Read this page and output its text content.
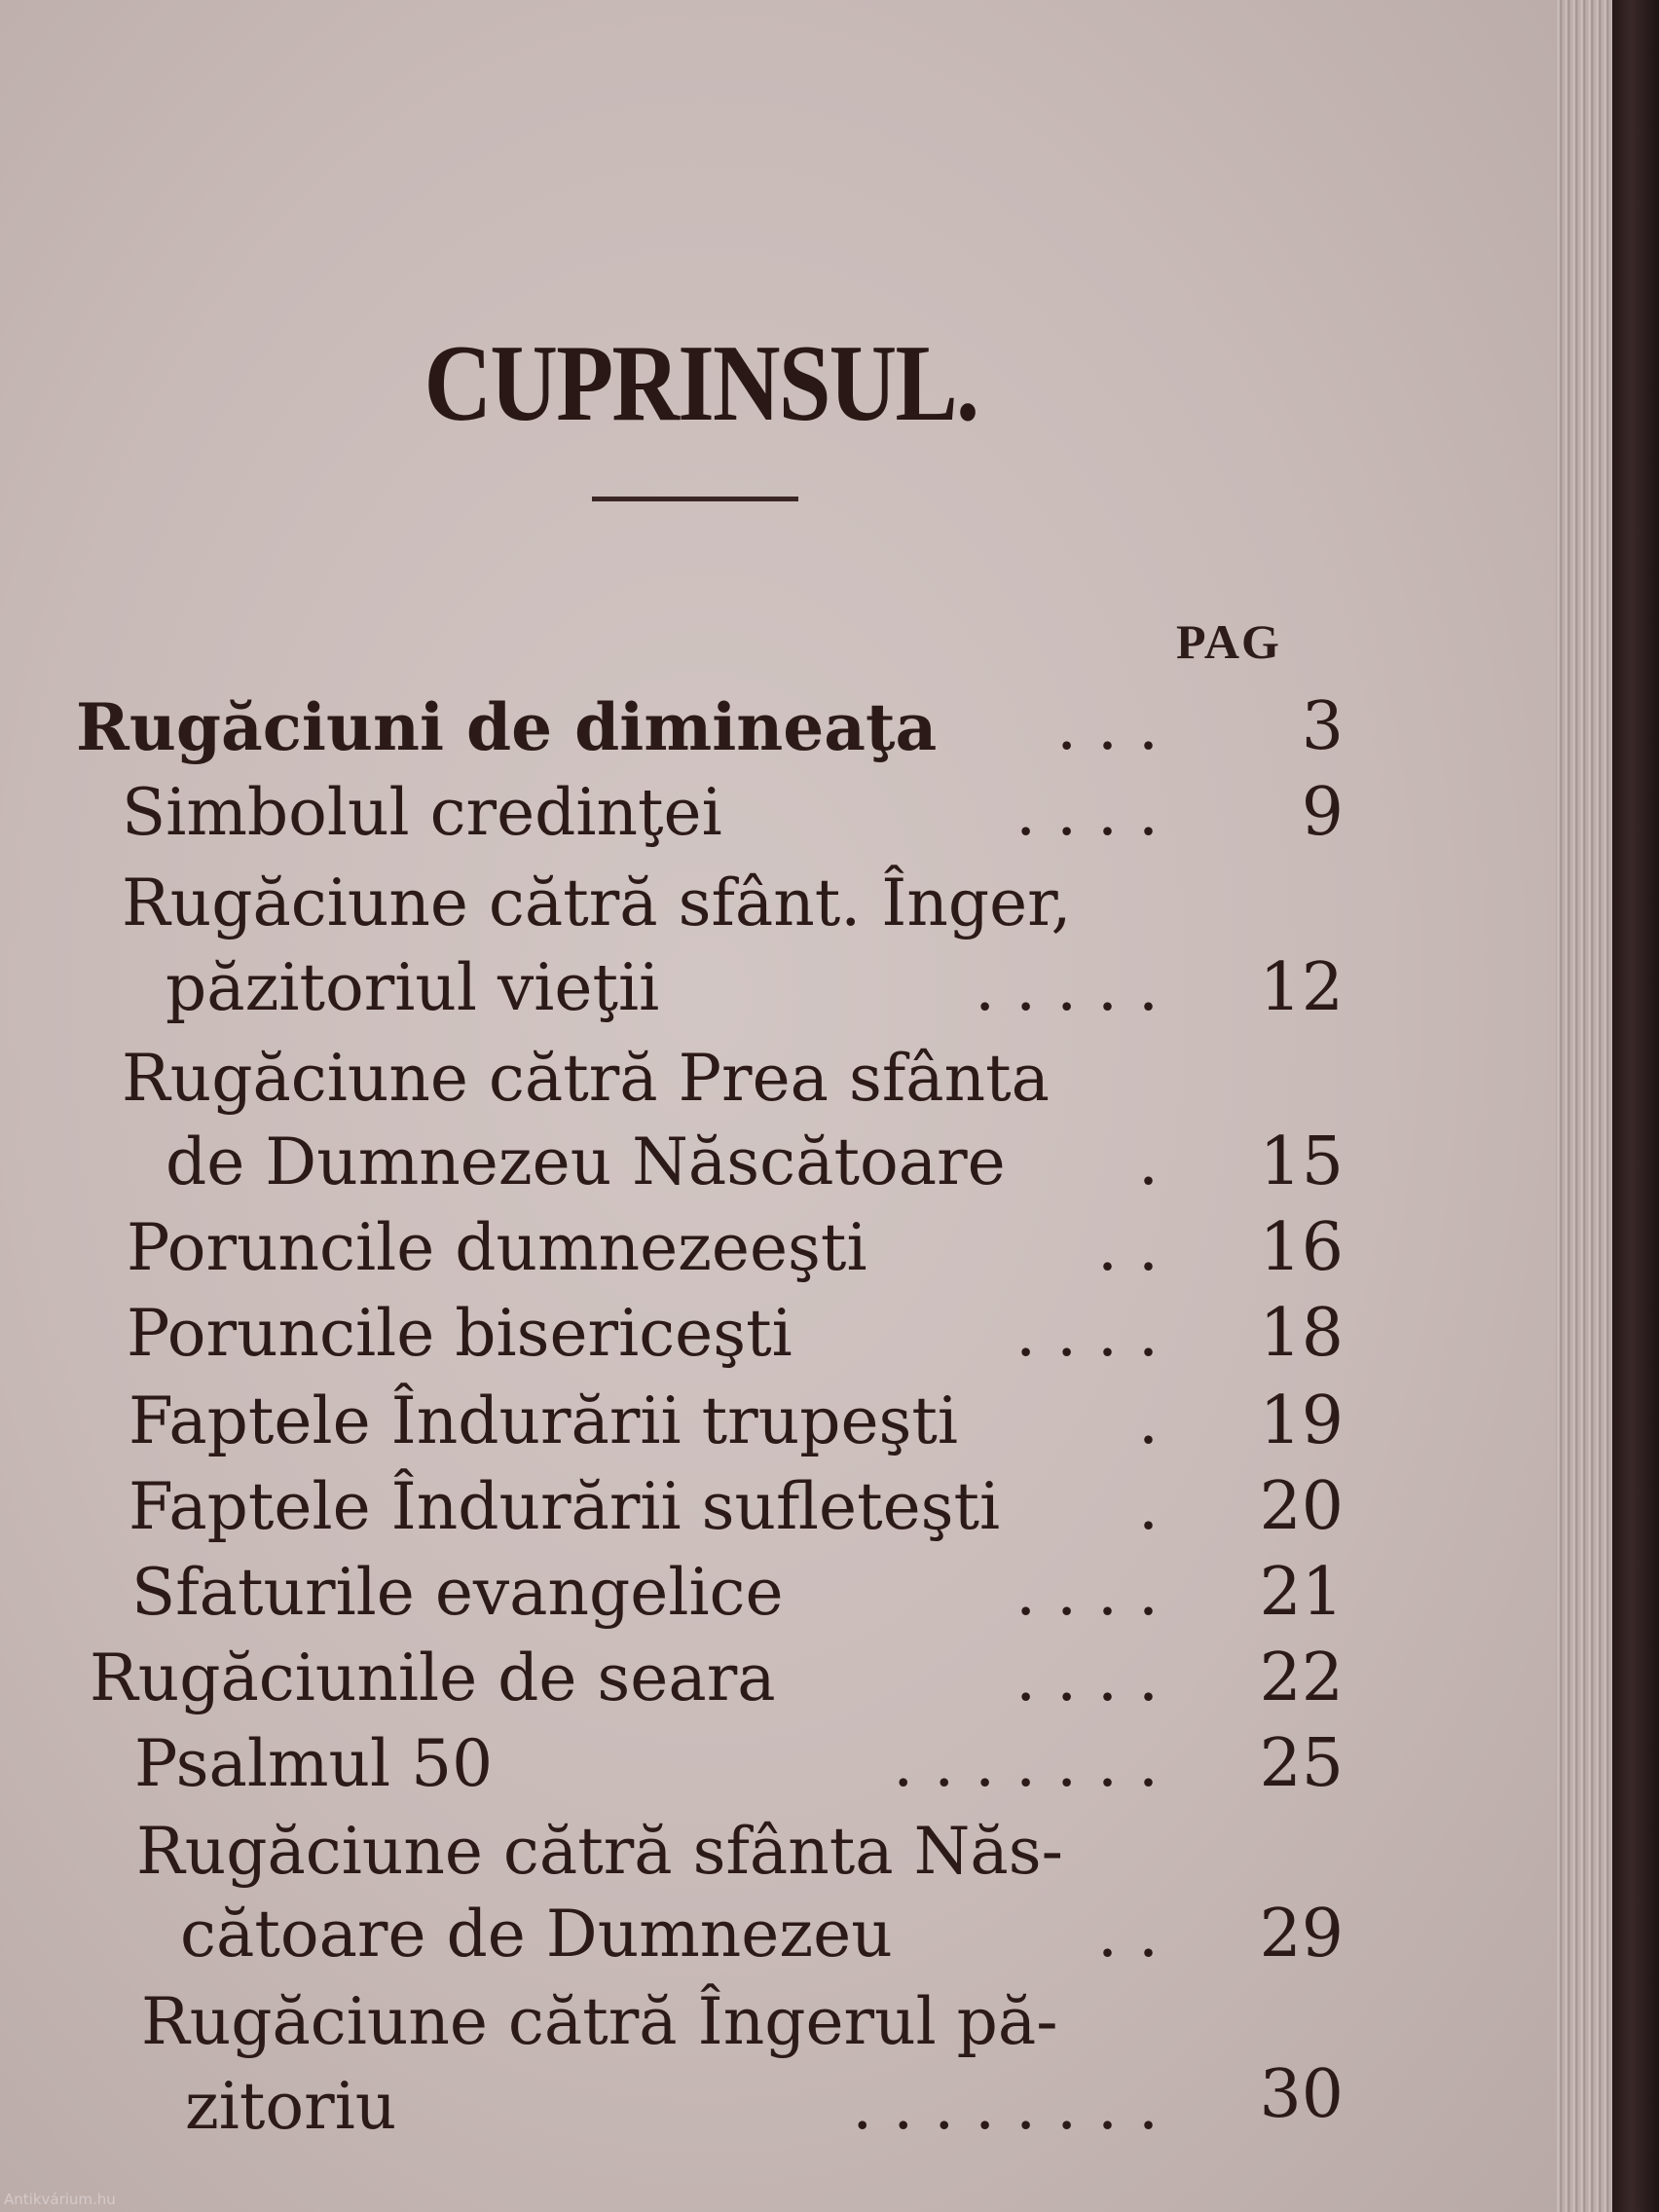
CUPRINSUL.
PAG
Rugăciuni de dimineaţa	. . .	3
Simbolul credinţei	. . . .	9
Rugăciune cătră sfânt. Înger,
păzitoriul vieţii	. . . . .	12
Rugăciune cătră Prea sfânta
de Dumnezeu Născătoare	.	15
Poruncile dumnezeeşti	. .	16
Poruncile bisericeşti	. . . .	18
Faptele Îndurării trupeşti	.	19
Faptele Îndurării sufleteşti	.	20
Sfaturile evangelice	. . . .	21
Rugăciunile de seara	. . . .	22
Psalmul 50	. . . . . . .	25
Rugăciune cătră sfânta Năs-
cătoare de Dumnezeu	. .	29
Rugăciune cătră Îngerul pă-
zitoriu	. . . . . . . .	30
Antikvárium.hu
